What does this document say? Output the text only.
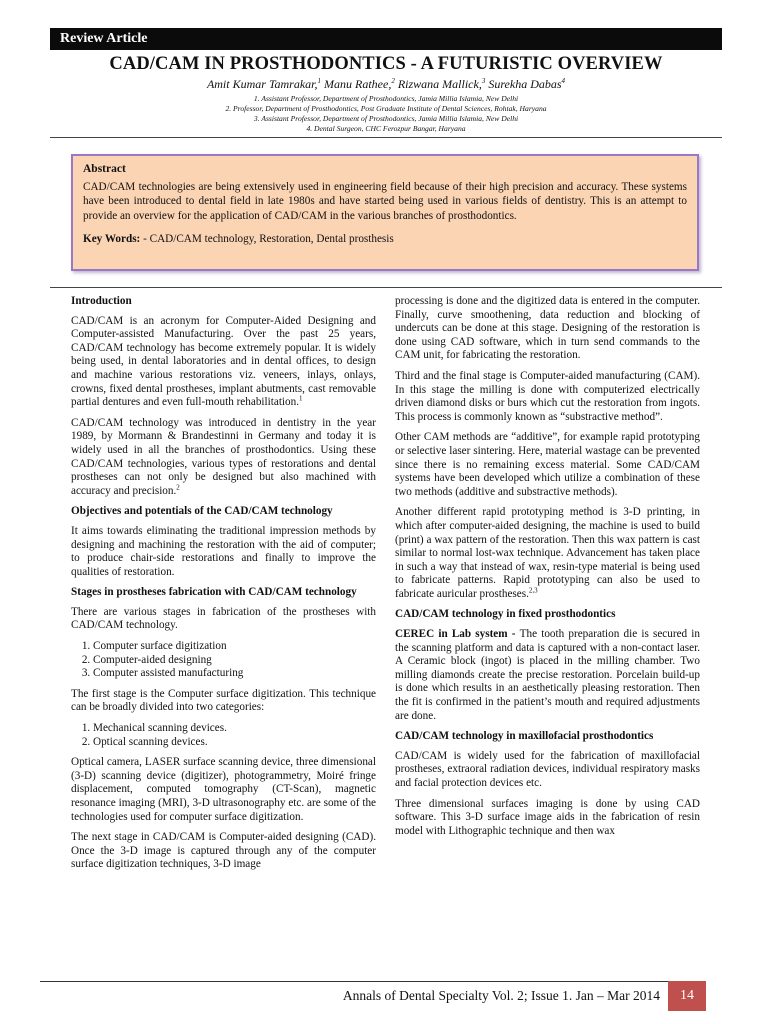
Review Article
CAD/CAM IN PROSTHODONTICS - A FUTURISTIC OVERVIEW
Amit Kumar Tamrakar,$^1$ Manu Rathee,$^2$ Rizwana Mallick,$^3$ Surekha Dabas$^4$
1. Assistant Professor, Department of Prosthodontics, Jamia Millia Islamia, New Delhi
2. Professor, Department of Prosthodontics, Post Graduate Institute of Dental Sciences, Rohtak, Haryana
3. Assistant Professor, Department of Prosthodontics, Jamia Millia Islamia, New Delhi
4. Dental Surgeon, CHC Ferozpur Bangar, Haryana
Abstract
CAD/CAM technologies are being extensively used in engineering field because of their high precision and accuracy. These systems have been introduced to dental field in late 1980s and have started being used in various fields of dentistry. This is an attempt to provide an overview for the application of CAD/CAM in the various branches of prosthodontics.
Key Words: - CAD/CAM technology, Restoration, Dental prosthesis
Introduction

CAD/CAM is an acronym for Computer-Aided Designing and Computer-assisted Manufacturing. Over the past 25 years, CAD/CAM technology has become extremely popular. It is widely being used, in dental laboratories and in dental offices, to design and machine various restorations viz. veneers, inlays, onlays, crowns, fixed dental prostheses, implant abutments, cast removable partial dentures and even full-mouth rehabilitation.$^1$

CAD/CAM technology was introduced in dentistry in the year 1989, by Mormann & Brandestinni in Germany and today it is widely used in all the branches of prosthodontics. Using these CAD/CAM technologies, various types of restorations and dental prostheses can not only be designed but also machined with accuracy and precision.$^2$

Objectives and potentials of the CAD/CAM technology

It aims towards eliminating the traditional impression methods by designing and machining the restoration with the aid of computer; to produce chair-side restorations and finally to improve the qualities of restoration.

Stages in prostheses fabrication with CAD/CAM technology

There are various stages in fabrication of the prostheses with CAD/CAM technology.

1. Computer surface digitization
2. Computer-aided designing
3. Computer assisted manufacturing

The first stage is the Computer surface digitization. This technique can be broadly divided into two categories:

1. Mechanical scanning devices.
2. Optical scanning devices.

Optical camera, LASER surface scanning device, three dimensional (3-D) scanning device (digitizer), photogrammetry, Moiré fringe displacement, computed tomography (CT-Scan), magnetic resonance imaging (MRI), 3-D ultrasonography etc. are some of the technologies used for computer surface digitization.

The next stage in CAD/CAM is Computer-aided designing (CAD). Once the 3-D image is captured through any of the computer surface digitization techniques, 3-D image

processing is done and the digitized data is entered in the computer. Finally, curve smoothening, data reduction and blocking of undercuts can be done at this stage. Designing of the restoration is done using CAD software, which in turn send commands to the CAM unit, for fabricating the restoration.

Third and the final stage is Computer-aided manufacturing (CAM). In this stage the milling is done with computerized electrically driven diamond disks or burs which cut the restoration from ingots. This process is commonly known as “substractive method”.

Other CAM methods are “additive”, for example rapid prototyping or selective laser sintering. Here, material wastage can be prevented since there is no remaining excess material. Some CAD/CAM systems have been developed which utilize a combination of these two methods (additive and substractive methods).

Another different rapid prototyping method is 3-D printing, in which after computer-aided designing, the machine is used to build (print) a wax pattern of the restoration. Then this wax pattern is cast similar to normal lost-wax technique. Advancement has taken place in such a way that instead of wax, resin-type material is being used to fabricate patterns. Rapid prototyping can also be used to fabricate auricular prostheses.$^{2,3}$

CAD/CAM technology in fixed prosthodontics

CEREC in Lab system - The tooth preparation die is secured in the scanning platform and data is captured with a non-contact laser. A Ceramic block (ingot) is placed in the milling chamber. Two milling diamonds create the precise restoration. Porcelain build-up is done which results in an aesthetically pleasing restoration. Then the fit is confirmed in the patient’s mouth and required adjustments are done.

CAD/CAM technology in maxillofacial prosthodontics

CAD/CAM is widely used for the fabrication of maxillofacial prostheses, extraoral radiation devices, individual respiratory masks and facial protection devices etc.

Three dimensional surfaces imaging is done by using CAD software. This 3-D surface image aids in the fabrication of resin model with Lithographic technique and then wax

Annals of Dental Specialty Vol. 2; Issue 1. Jan – Mar 2014	14
